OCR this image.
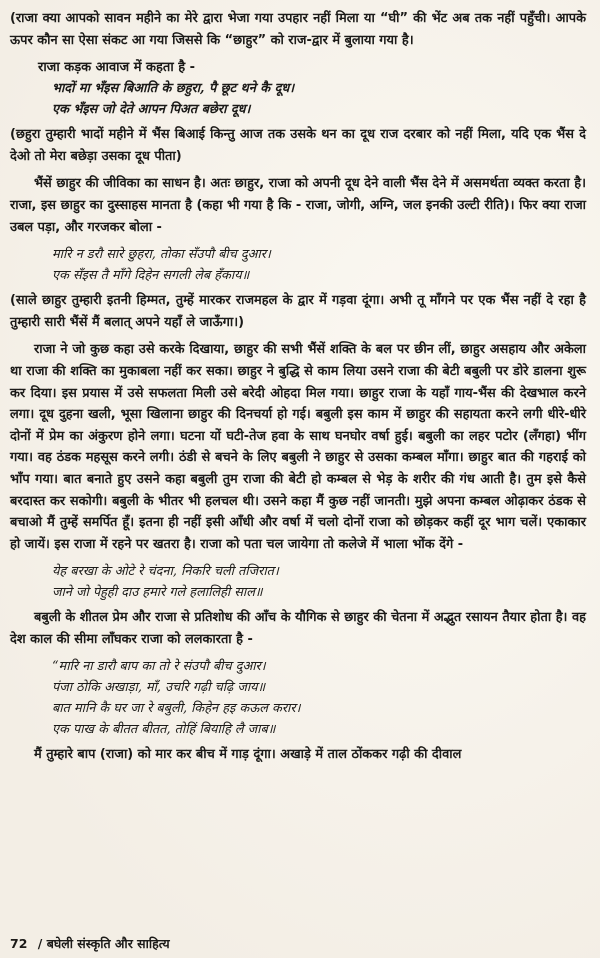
(राजा क्या आपको सावन महीने का मेरे द्वारा भेजा गया उपहार नहीं मिला या “घी” की भेंट अब तक नहीं पहुँची। आपके ऊपर कौन सा ऐसा संकट आ गया जिससे कि “छाहुर” को राज-द्वार में बुलाया गया है।

राजा कड़क आवाज में कहता है -

भादों मा भँइस बिआति के छहुरा, पै छूट थने कै दूध।
एक भँइस जो देते आपन पिअत बछेरा दूध।

(छहुरा तुम्हारी भादों महीने में भैंस बिआई किन्तु आज तक उसके थन का दूध राज दरबार को नहीं मिला, यदि एक भैंस दे देओ तो मेरा बछेड़ा उसका दूध पीता)

भैंसें छाहुर की जीविका का साधन है। अतः छाहुर, राजा को अपनी दूध देने वाली भैंस देने में असमर्थता व्यक्त करता है। राजा, इस छाहुर का दुस्साहस मानता है (कहा भी गया है कि - राजा, जोगी, अग्नि, जल इनकी उल्टी रीति)। फिर क्या राजा उबल पड़ा, और गरजकर बोला -

मारि न डरौ सारे छुहरा, तोका सँउपौ बीच दुआर।
एक सँइस तै माँगे दिहेन सगली लेब हँकाय॥

(साले छाहुर तुम्हारी इतनी हिम्मत, तुम्हें मारकर राजमहल के द्वार में गड़वा दूंगा। अभी तू माँगने पर एक भैंस नहीं दे रहा है तुम्हारी सारी भैंसें मैं बलात् अपने यहाँ ले जाऊँगा।)

राजा ने जो कुछ कहा उसे करके दिखाया, छाहुर की सभी भैंसें शक्ति के बल पर छीन लीं, छाहुर असहाय और अकेला था राजा की शक्ति का मुकाबला नहीं कर सका। छाहुर ने बुद्धि से काम लिया उसने राजा की बेटी बबुली पर डोरे डालना शुरू कर दिया। इस प्रयास में उसे सफलता मिली उसे बरेदी ओहदा मिल गया। छाहुर राजा के यहाँ गाय-भैंस की देखभाल करने लगा। दूध दुहना खली, भूसा खिलाना छाहुर की दिनचर्या हो गई। बबुली इस काम में छाहुर की सहायता करने लगी धीरे-धीरे दोनों में प्रेम का अंकुरण होने लगा। घटना यों घटी-तेज हवा के साथ घनघोर वर्षा हुई। बबुली का लहर पटोर (लँगहा) भींग गया। वह ठंडक महसूस करने लगी। ठंडी से बचने के लिए बबुली ने छाहुर से उसका कम्बल माँगा। छाहुर बात की गहराई को भाँप गया। बात बनाते हुए उसने कहा बबुली तुम राजा की बेटी हो कम्बल से भेड़ के शरीर की गंध आती है। तुम इसे कैसे बरदास्त कर सकोगी। बबुली के भीतर भी हलचल थी। उसने कहा मैं कुछ नहीं जानती। मुझे अपना कम्बल ओढ़ाकर ठंडक से बचाओ मैं तुम्हें समर्पित हूँ। इतना ही नहीं इसी आँधी और वर्षा में चलो दोनों राजा को छोड़कर कहीं दूर भाग चलें। एकाकार हो जायें। इस राजा में रहने पर खतरा है। राजा को पता चल जायेगा तो कलेजे में भाला भोंक देंगे -

येह बरखा के ओटे रे चंदना, निकरि चली तजिरात।
जाने जो पेहुही दाउ हमारे गले हलालिही साल॥

बबुली के शीतल प्रेम और राजा से प्रतिशोध की आँच के यौगिक से छाहुर की चेतना में अद्भुत रसायन तैयार होता है। वह देश काल की सीमा लाँघकर राजा को ललकारता है -

“मारि ना डारौ बाप का तो रे संउपौ बीच दुआर।
पंजा ठोकि अखाड़ा, माँ, उचरि गढ़ी चढ़ि जाय॥
बात मानि कै घर जा रे बबुली, किहेन हइ कऊल करार।
एक पाख के बीतत बीतत, तोहिं बियाहि लै जाब॥

मैं तुम्हारे बाप (राजा) को मार कर बीच में गाड़ दूंगा। अखाड़े में ताल ठोंककर गढ़ी की दीवाल

72 / बघेली संस्कृति और साहित्य
